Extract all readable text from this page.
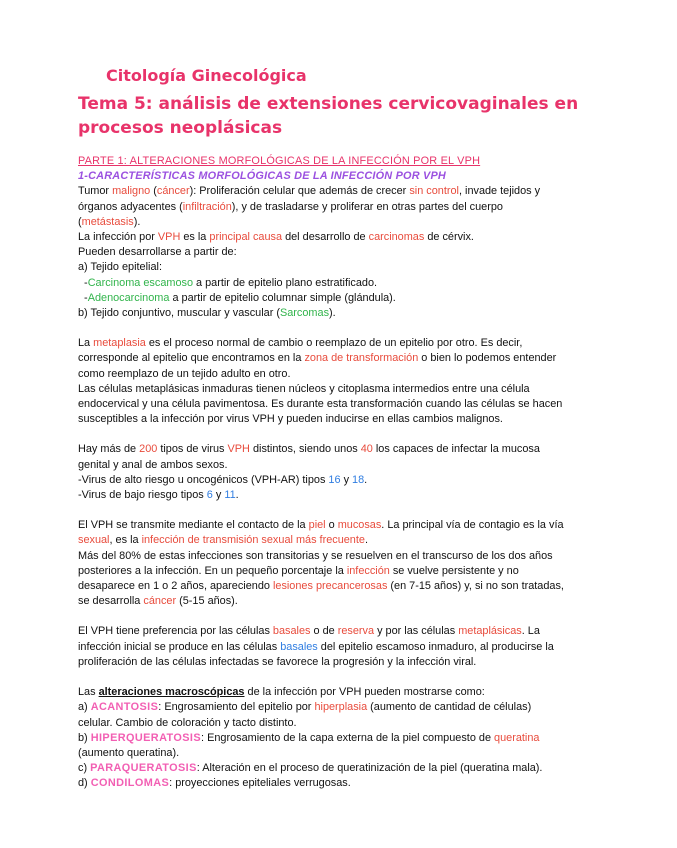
Citología Ginecológica
Tema 5: análisis de extensiones cervicovaginales en procesos neoplásicas
PARTE 1: ALTERACIONES MORFOLÓGICAS DE LA INFECCIÓN POR EL VPH
1-CARACTERÍSTICAS MORFOLÓGICAS DE LA INFECCIÓN POR VPH
Tumor maligno (cáncer): Proliferación celular que además de crecer sin control, invade tejidos y
órganos adyacentes (infiltración), y de trasladarse y proliferar en otras partes del cuerpo
(metástasis).
La infección por VPH es la principal causa del desarrollo de carcinomas de cérvix.
Pueden desarrollarse a partir de:
a) Tejido epitelial:
-Carcinoma escamoso a partir de epitelio plano estratificado.
-Adenocarcinoma a partir de epitelio columnar simple (glándula).
b) Tejido conjuntivo, muscular y vascular (Sarcomas).
La metaplasia es el proceso normal de cambio o reemplazo de un epitelio por otro. Es decir,
corresponde al epitelio que encontramos en la zona de transformación o bien lo podemos entender
como reemplazo de un tejido adulto en otro.
Las células metaplásicas inmaduras tienen núcleos y citoplasma intermedios entre una célula
endocervical y una célula pavimentosa. Es durante esta transformación cuando las células se hacen
susceptibles a la infección por virus VPH y pueden inducirse en ellas cambios malignos.
Hay más de 200 tipos de virus VPH distintos, siendo unos 40 los capaces de infectar la mucosa
genital y anal de ambos sexos.
-Virus de alto riesgo u oncogénicos (VPH-AR) tipos 16 y 18.
-Virus de bajo riesgo tipos 6 y 11.
El VPH se transmite mediante el contacto de la piel o mucosas. La principal vía de contagio es la vía
sexual, es la infección de transmisión sexual más frecuente.
Más del 80% de estas infecciones son transitorias y se resuelven en el transcurso de los dos años
posteriores a la infección. En un pequeño porcentaje la infección se vuelve persistente y no
desaparece en 1 o 2 años, apareciendo lesiones precancerosas (en 7-15 años) y, si no son tratadas,
se desarrolla cáncer (5-15 años).
El VPH tiene preferencia por las células basales o de reserva y por las células metaplásicas. La
infección inicial se produce en las células basales del epitelio escamoso inmaduro, al producirse la
proliferación de las células infectadas se favorece la progresión y la infección viral.
Las alteraciones macroscópicas de la infección por VPH pueden mostrarse como:
a) ACANTOSIS: Engrosamiento del epitelio por hiperplasia (aumento de cantidad de células)
celular. Cambio de coloración y tacto distinto.
b) HIPERQUERATOSIS: Engrosamiento de la capa externa de la piel compuesto de queratina
(aumento queratina).
c) PARAQUERATOSIS: Alteración en el proceso de queratinización de la piel (queratina mala).
d) CONDILOMAS: proyecciones epiteliales verrugosas.
